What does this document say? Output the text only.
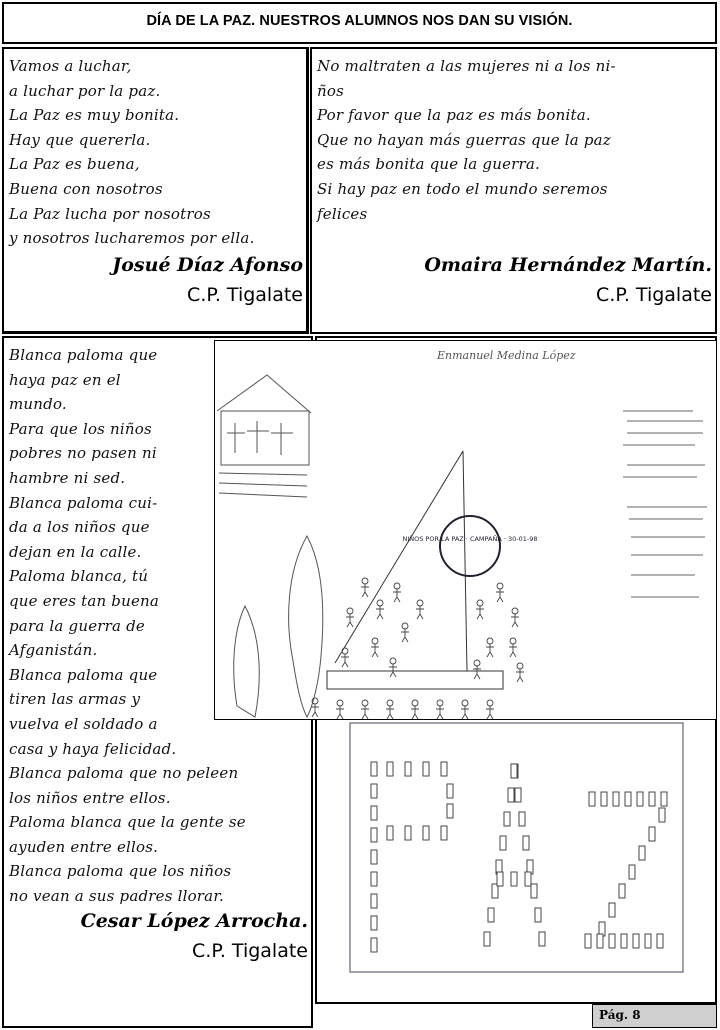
DÍA DE LA PAZ. NUESTROS ALUMNOS NOS DAN SU VISIÓN.
Vamos a luchar,
a luchar por la paz.
La Paz es muy bonita.
Hay que quererla.
La Paz es buena,
Buena con nosotros
La Paz lucha por nosotros
y nosotros lucharemos por ella.
Josué Díaz Afonso
C.P. Tigalate
No maltraten a las mujeres ni a los ni-
ños
Por favor que la paz es más bonita.
Que no hayan más guerras que la paz
es más bonita que la guerra.
Si hay paz en todo el mundo seremos
felices
Omaira Hernández Martín.
C.P. Tigalate
Blanca paloma que
haya paz en el
mundo.
Para que los niños
pobres no pasen ni
hambre ni sed.
Blanca paloma cui-
da a los niños que
dejan en la calle.
Paloma blanca, tú
que eres tan buena
para la guerra de
Afganistán.
Blanca paloma que
tiren las armas y
vuelva el soldado a
casa y haya felicidad.
Blanca paloma que no peleen
los niños entre ellos.
Paloma blanca que la gente se
ayuden entre ellos.
Blanca paloma que los niños
no vean a sus padres llorar.
Cesar López Arrocha.
C.P. Tigalate
Enmanuel Medina López
NIÑOS POR LA PAZ · CAMPAÑA · 30-01-98
Pág. 8
